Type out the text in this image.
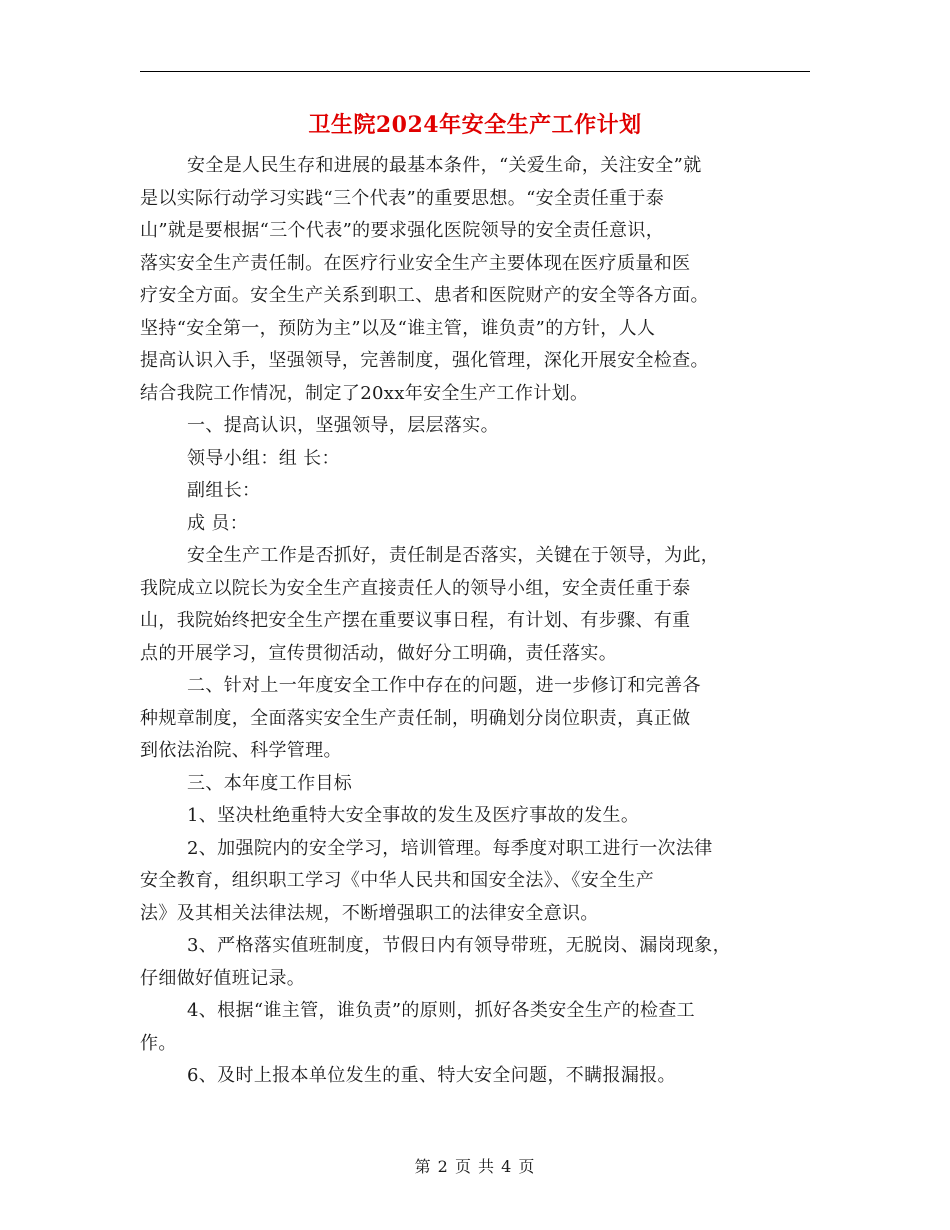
卫生院2024年安全生产工作计划
安全是人民生存和进展的最基本条件，“关爱生命，关注安全”就
是以实际行动学习实践“三个代表”的重要思想。“安全责任重于泰
山”就是要根据“三个代表”的要求强化医院领导的安全责任意识，
落实安全生产责任制。在医疗行业安全生产主要体现在医疗质量和医
疗安全方面。安全生产关系到职工、患者和医院财产的安全等各方面。
坚持“安全第一，预防为主”以及“谁主管，谁负责”的方针，人人
提高认识入手，坚强领导，完善制度，强化管理，深化开展安全检查。
结合我院工作情况，制定了20xx年安全生产工作计划。
一、提高认识，坚强领导，层层落实。
领导小组：组 长：
副组长：
成 员：
安全生产工作是否抓好，责任制是否落实，关键在于领导，为此，
我院成立以院长为安全生产直接责任人的领导小组，安全责任重于泰
山，我院始终把安全生产摆在重要议事日程，有计划、有步骤、有重
点的开展学习，宣传贯彻活动，做好分工明确，责任落实。
二、针对上一年度安全工作中存在的问题，进一步修订和完善各
种规章制度，全面落实安全生产责任制，明确划分岗位职责，真正做
到依法治院、科学管理。
三、本年度工作目标
1、坚决杜绝重特大安全事故的发生及医疗事故的发生。
2、加强院内的安全学习，培训管理。每季度对职工进行一次法律
安全教育，组织职工学习《中华人民共和国安全法》、《安全生产
法》及其相关法律法规，不断增强职工的法律安全意识。
3、严格落实值班制度，节假日内有领导带班，无脱岗、漏岗现象，
仔细做好值班记录。
4、根据“谁主管，谁负责”的原则，抓好各类安全生产的检查工
作。
6、及时上报本单位发生的重、特大安全问题，不瞒报漏报。
第 2 页 共 4 页
